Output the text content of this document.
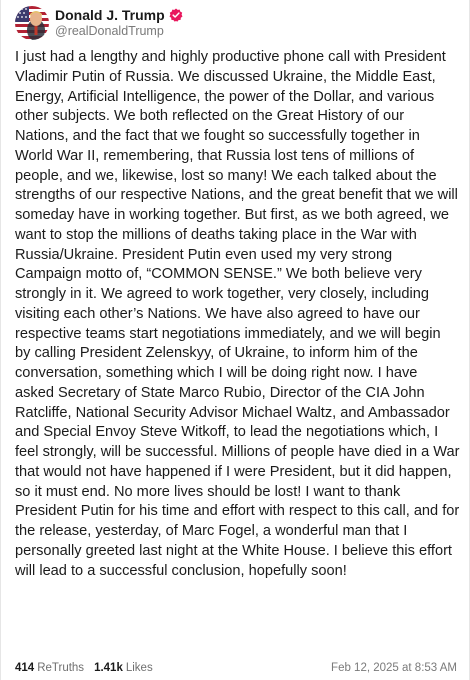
Donald J. Trump
@realDonaldTrump

I just had a lengthy and highly productive phone call with President Vladimir Putin of Russia. We discussed Ukraine, the Middle East, Energy, Artificial Intelligence, the power of the Dollar, and various other subjects. We both reflected on the Great History of our Nations, and the fact that we fought so successfully together in World War II, remembering, that Russia lost tens of millions of people, and we, likewise, lost so many! We each talked about the strengths of our respective Nations, and the great benefit that we will someday have in working together. But first, as we both agreed, we want to stop the millions of deaths taking place in the War with Russia/Ukraine. President Putin even used my very strong Campaign motto of, “COMMON SENSE.” We both believe very strongly in it. We agreed to work together, very closely, including visiting each other’s Nations. We have also agreed to have our respective teams start negotiations immediately, and we will begin by calling President Zelenskyy, of Ukraine, to inform him of the conversation, something which I will be doing right now. I have asked Secretary of State Marco Rubio, Director of the CIA John Ratcliffe, National Security Advisor Michael Waltz, and Ambassador and Special Envoy Steve Witkoff, to lead the negotiations which, I feel strongly, will be successful. Millions of people have died in a War that would not have happened if I were President, but it did happen, so it must end. No more lives should be lost! I want to thank President Putin for his time and effort with respect to this call, and for the release, yesterday, of Marc Fogel, a wonderful man that I personally greeted last night at the White House. I believe this effort will lead to a successful conclusion, hopefully soon!

414 ReTruths 1.41k Likes	Feb 12, 2025 at 8:53 AM
